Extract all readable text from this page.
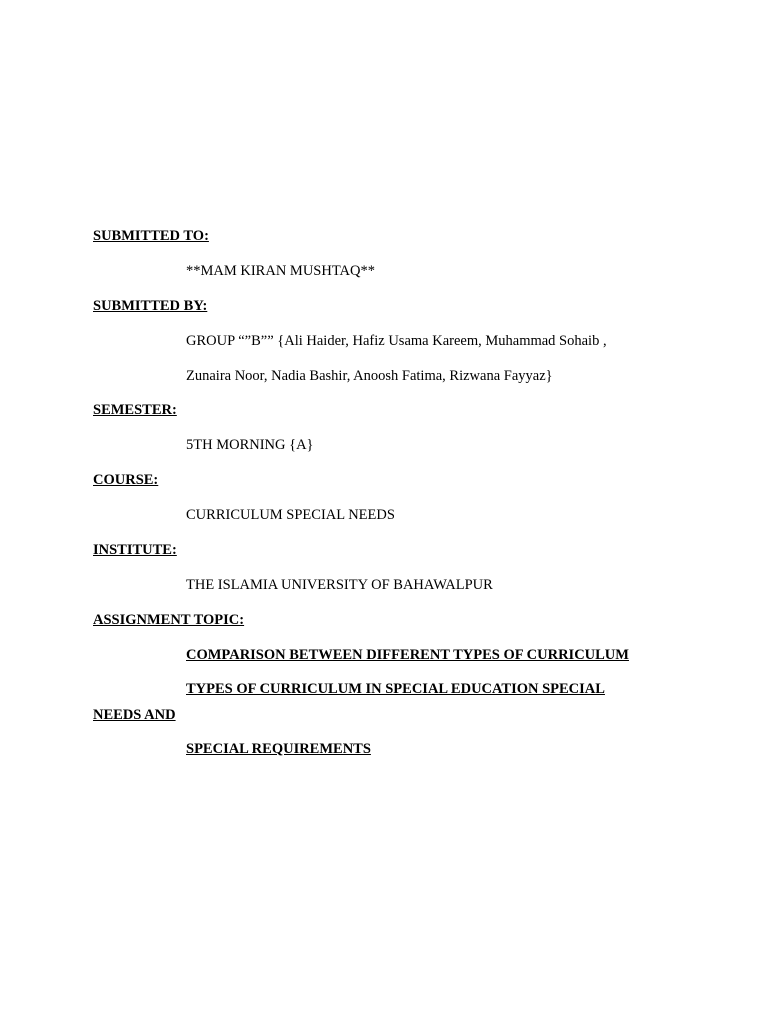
SUBMITTED TO:
**MAM KIRAN MUSHTAQ**
SUBMITTED BY:
GROUP “”B”” {Ali Haider, Hafiz Usama Kareem, Muhammad Sohaib ,
Zunaira Noor, Nadia Bashir, Anoosh Fatima, Rizwana Fayyaz}
SEMESTER:
5TH MORNING {A}
COURSE:
CURRICULUM SPECIAL NEEDS
INSTITUTE:
THE ISLAMIA UNIVERSITY OF BAHAWALPUR
ASSIGNMENT TOPIC:
COMPARISON BETWEEN DIFFERENT TYPES OF CURRICULUM
TYPES OF CURRICULUM IN SPECIAL EDUCATION SPECIAL
NEEDS AND
SPECIAL REQUIREMENTS
